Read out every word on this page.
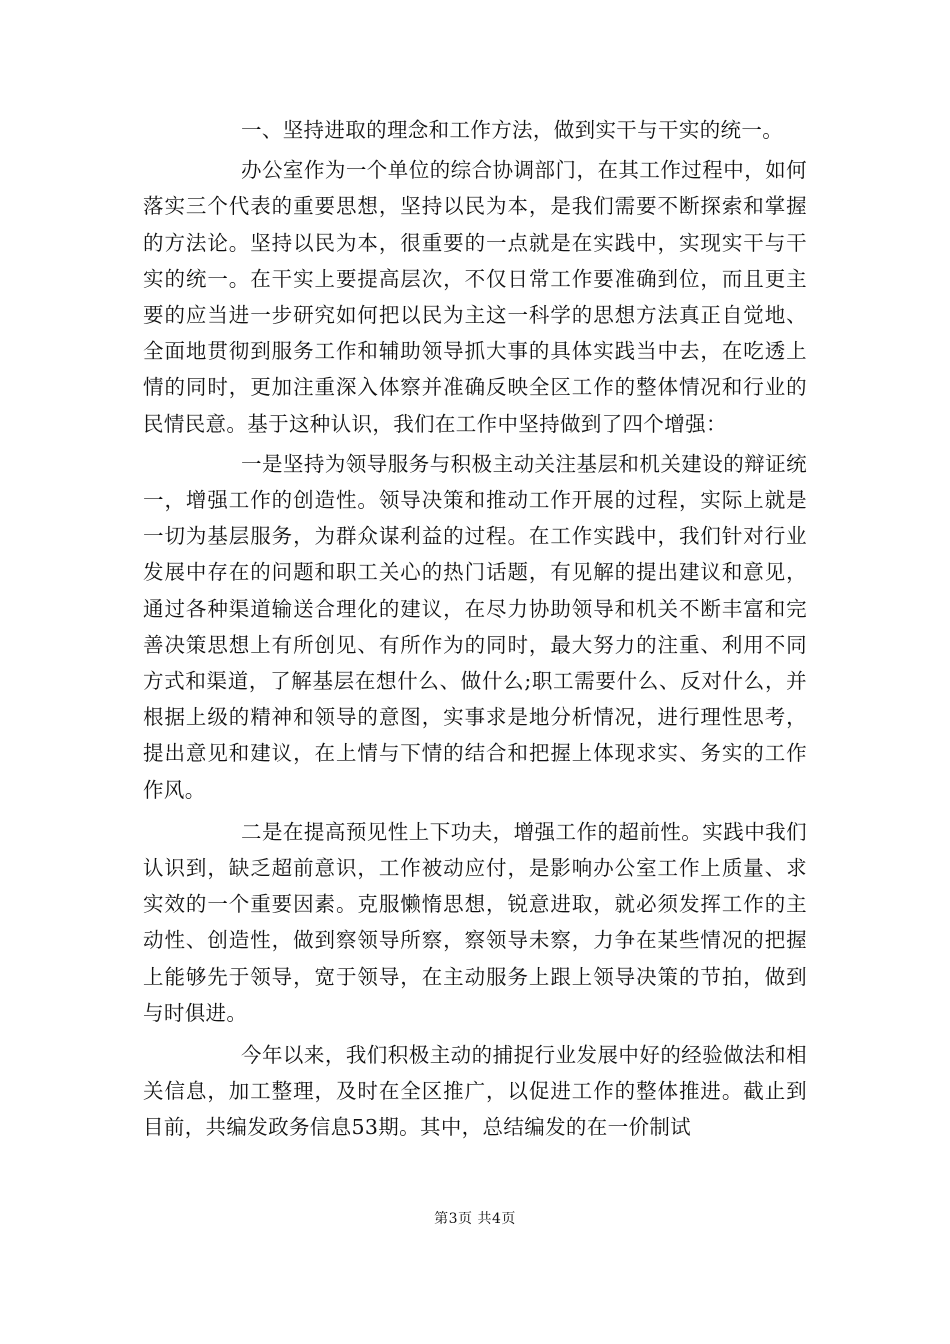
一、坚持进取的理念和工作方法，做到实干与干实的统一。

办公室作为一个单位的综合协调部门，在其工作过程中，如何落实三个代表的重要思想，坚持以民为本，是我们需要不断探索和掌握的方法论。坚持以民为本，很重要的一点就是在实践中，实现实干与干实的统一。在干实上要提高层次，不仅日常工作要准确到位，而且更主要的应当进一步研究如何把以民为主这一科学的思想方法真正自觉地、全面地贯彻到服务工作和辅助领导抓大事的具体实践当中去，在吃透上情的同时，更加注重深入体察并准确反映全区工作的整体情况和行业的民情民意。基于这种认识，我们在工作中坚持做到了四个增强：

一是坚持为领导服务与积极主动关注基层和机关建设的辩证统一，增强工作的创造性。领导决策和推动工作开展的过程，实际上就是一切为基层服务，为群众谋利益的过程。在工作实践中，我们针对行业发展中存在的问题和职工关心的热门话题，有见解的提出建议和意见，通过各种渠道输送合理化的建议，在尽力协助领导和机关不断丰富和完善决策思想上有所创见、有所作为的同时，最大努力的注重、利用不同方式和渠道，了解基层在想什么、做什么;职工需要什么、反对什么，并根据上级的精神和领导的意图，实事求是地分析情况，进行理性思考，提出意见和建议，在上情与下情的结合和把握上体现求实、务实的工作作风。

二是在提高预见性上下功夫，增强工作的超前性。实践中我们认识到，缺乏超前意识，工作被动应付，是影响办公室工作上质量、求实效的一个重要因素。克服懒惰思想，锐意进取，就必须发挥工作的主动性、创造性，做到察领导所察，察领导未察，力争在某些情况的把握上能够先于领导，宽于领导，在主动服务上跟上领导决策的节拍，做到与时俱进。

今年以来，我们积极主动的捕捉行业发展中好的经验做法和相关信息，加工整理，及时在全区推广，以促进工作的整体推进。截止到目前，共编发政务信息53期。其中，总结编发的在一价制试

第3页 共4页
